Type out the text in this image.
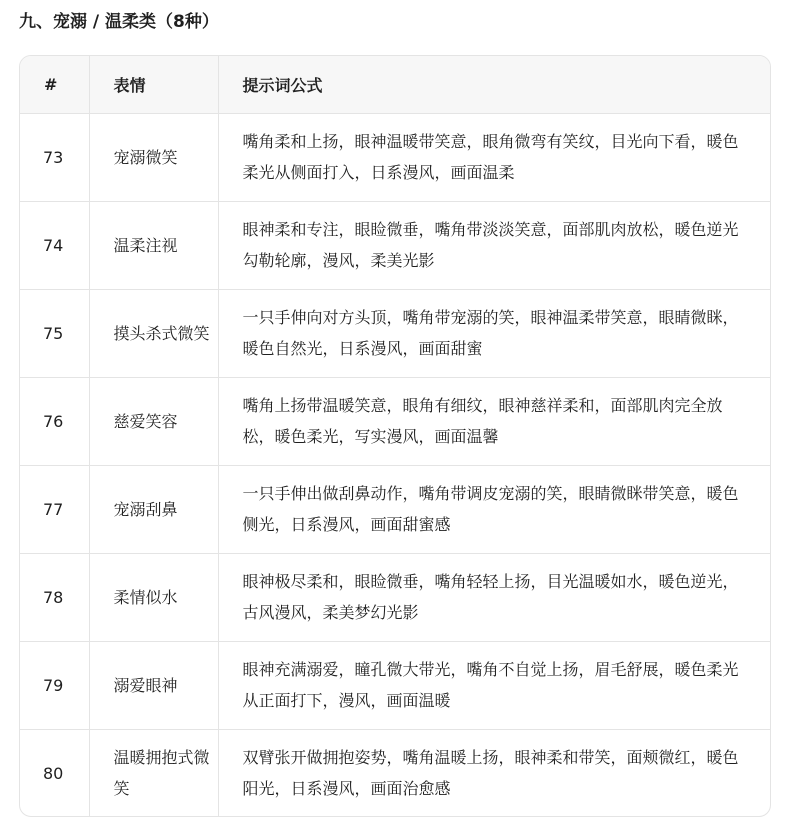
九、宠溺 / 温柔类（8种）
#	表情	提示词公式
73	宠溺微笑	嘴角柔和上扬，眼神温暖带笑意，眼角微弯有笑纹，目光向下看，暖色柔光从侧面打入，日系漫风，画面温柔
74	温柔注视	眼神柔和专注，眼睑微垂，嘴角带淡淡笑意，面部肌肉放松，暖色逆光勾勒轮廓，漫风，柔美光影
75	摸头杀式微笑	一只手伸向对方头顶，嘴角带宠溺的笑，眼神温柔带笑意，眼睛微眯，暖色自然光，日系漫风，画面甜蜜
76	慈爱笑容	嘴角上扬带温暖笑意，眼角有细纹，眼神慈祥柔和，面部肌肉完全放松，暖色柔光，写实漫风，画面温馨
77	宠溺刮鼻	一只手伸出做刮鼻动作，嘴角带调皮宠溺的笑，眼睛微眯带笑意，暖色侧光，日系漫风，画面甜蜜感
78	柔情似水	眼神极尽柔和，眼睑微垂，嘴角轻轻上扬，目光温暖如水，暖色逆光，古风漫风，柔美梦幻光影
79	溺爱眼神	眼神充满溺爱，瞳孔微大带光，嘴角不自觉上扬，眉毛舒展，暖色柔光从正面打下，漫风，画面温暖
80	温暖拥抱式微笑	双臂张开做拥抱姿势，嘴角温暖上扬，眼神柔和带笑，面颊微红，暖色阳光，日系漫风，画面治愈感
